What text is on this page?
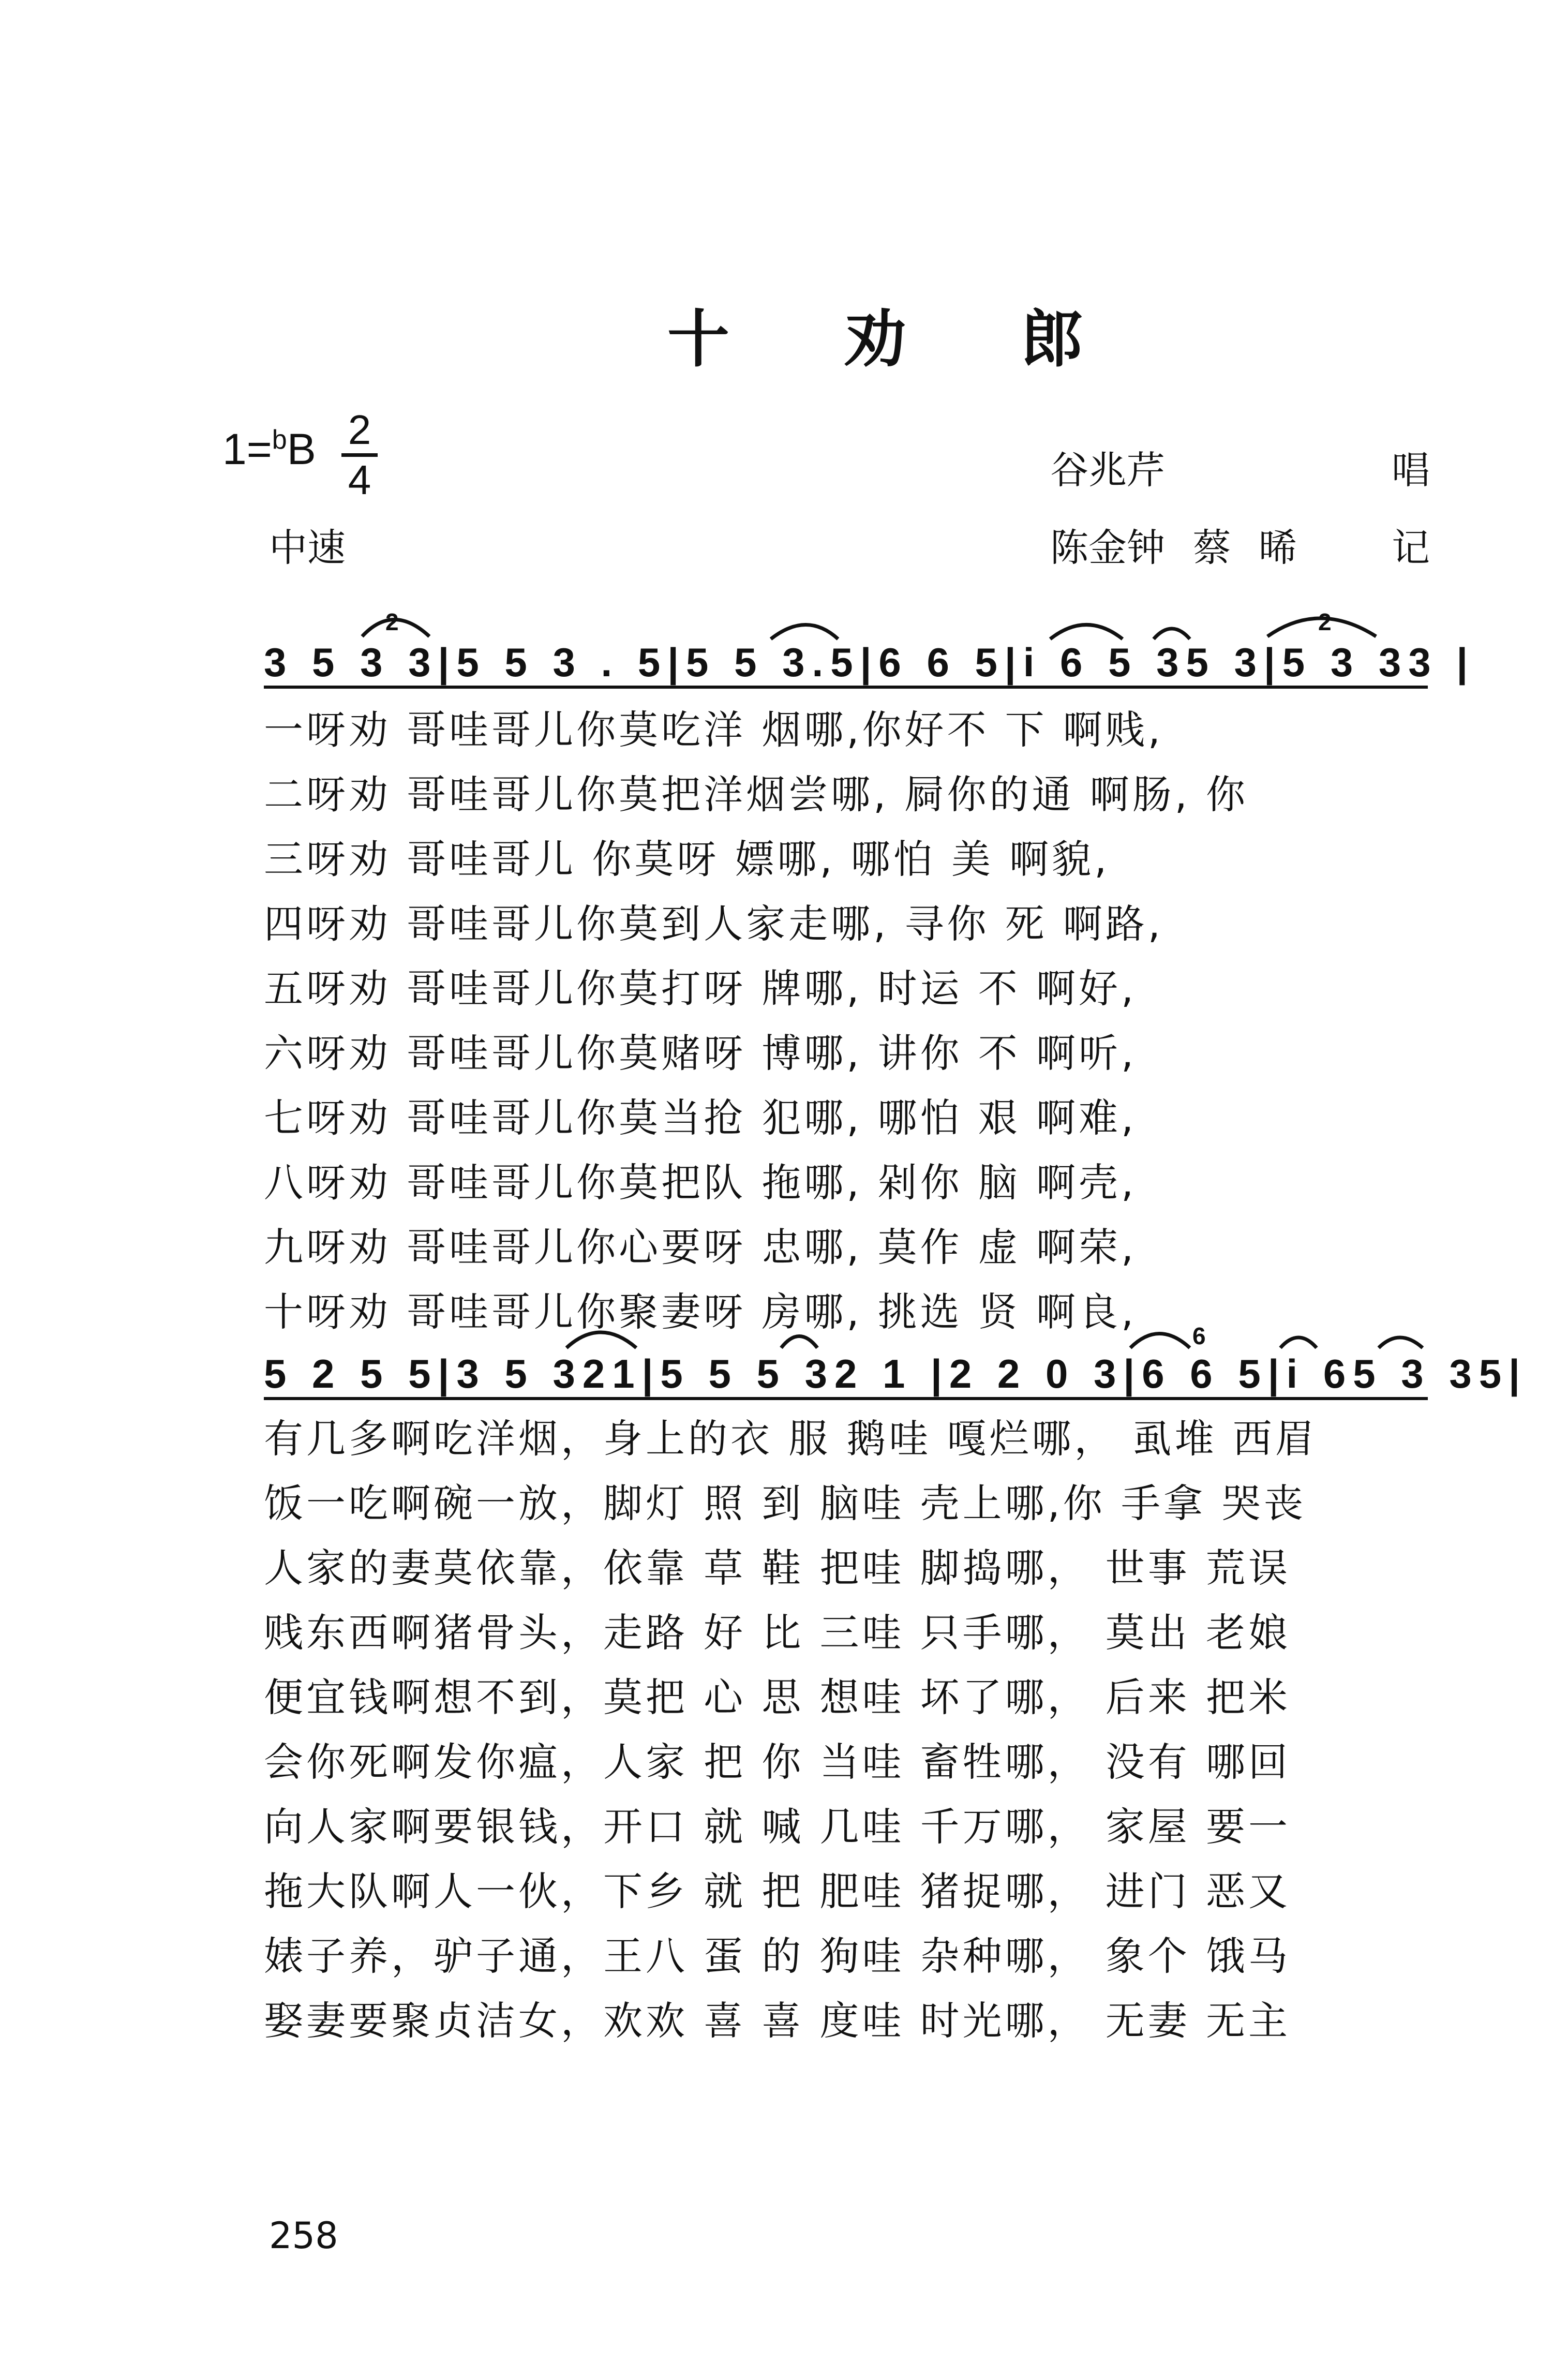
十 劝 郎
1=$^b$B 2
4
中速
谷兆芹	唱
陈金钟 蔡 晞 记
3 5 3 3|5 5 3 . 5|5 5 3.5|6 6 5|i 6 5 35 3|5 3 33 |
2	2
一呀劝 哥哇哥儿你莫吃洋 烟哪,你好不 下 啊贱,
二呀劝 哥哇哥儿你莫把洋烟尝哪, 屙你的通 啊肠, 你
三呀劝 哥哇哥儿 你莫呀 嫖哪, 哪怕 美 啊貌,
四呀劝 哥哇哥儿你莫到人家走哪, 寻你 死 啊路,
五呀劝 哥哇哥儿你莫打呀 牌哪, 时运 不 啊好,
六呀劝 哥哇哥儿你莫赌呀 博哪, 讲你 不 啊听,
七呀劝 哥哇哥儿你莫当抢 犯哪, 哪怕 艰 啊难,
八呀劝 哥哇哥儿你莫把队 拖哪, 剁你 脑 啊壳,
九呀劝 哥哇哥儿你心要呀 忠哪, 莫作 虚 啊荣,
十呀劝 哥哇哥儿你聚妻呀 房哪, 挑选 贤 啊良,
5 2 5 5|3 5 321|5 5 5 32 1 |2 2 0 3|6 6 5|i 65 3 35|
6
有几多啊吃洋烟，身上的衣 服 鹅哇 嘎烂哪， 虱堆 西眉
饭一吃啊碗一放，脚灯 照 到 脑哇 壳上哪,你 手拿 哭丧
人家的妻莫依靠，依靠 草 鞋 把哇 脚捣哪， 世事 荒误
贱东西啊猪骨头，走路 好 比 三哇 只手哪， 莫出 老娘
便宜钱啊想不到，莫把 心 思 想哇 坏了哪， 后来 把米
会你死啊发你瘟，人家 把 你 当哇 畜牲哪， 没有 哪回
向人家啊要银钱，开口 就 喊 几哇 千万哪， 家屋 要一
拖大队啊人一伙，下乡 就 把 肥哇 猪捉哪， 进门 恶又
婊子养，驴子通，王八 蛋 的 狗哇 杂种哪， 象个 饿马
娶妻要聚贞洁女，欢欢 喜 喜 度哇 时光哪， 无妻 无主
258
